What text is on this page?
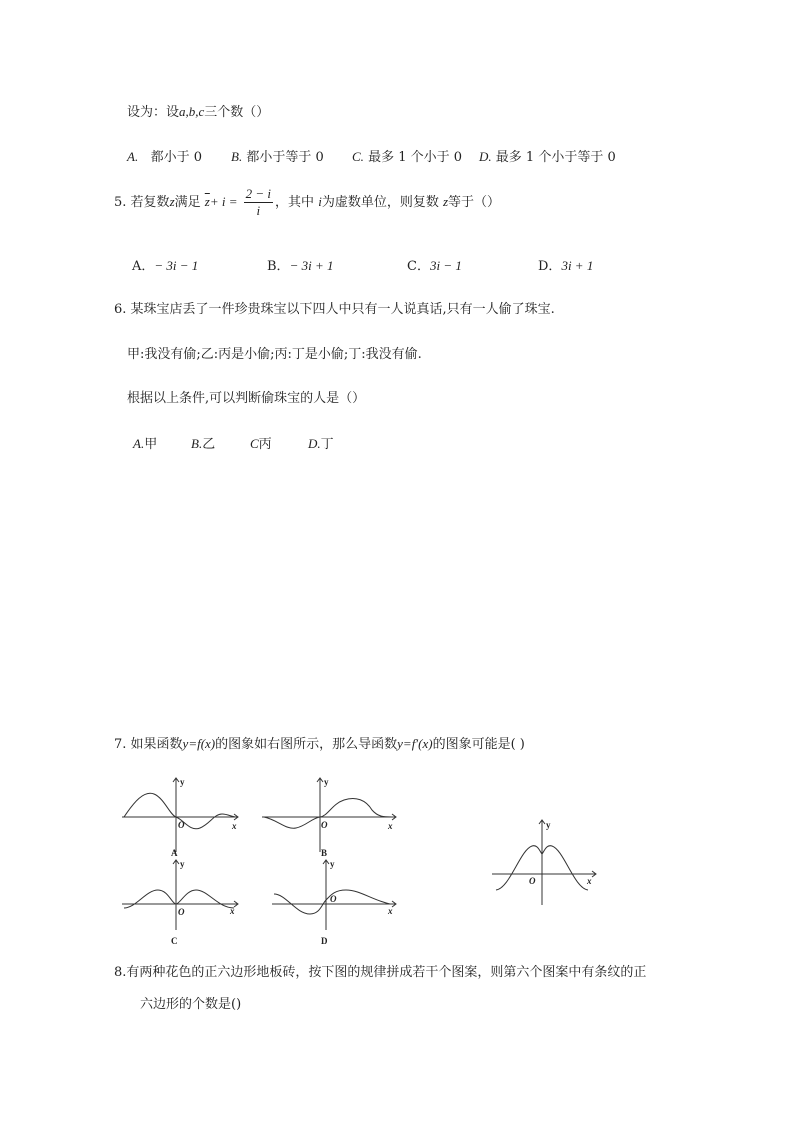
设为：设a,b,c三个数（）
A. 都小于 0 B. 都小于等于 0 C. 最多 1 个小于 0 D. 最多 1 个小于等于 0
5. 若复数z满足 $\overline{z}+ i = \frac{2 - i}{i}$ ，其中 i为虚数单位，则复数 z等于（）
A．− 3i − 1	B．− 3i + 1	C．3i − 1	D．3i + 1
6. 某珠宝店丢了一件珍贵珠宝以下四人中只有一人说真话,只有一人偷了珠宝.
甲:我没有偷;乙:丙是小偷;丙:丁是小偷;丁:我没有偷.
根据以上条件,可以判断偷珠宝的人是（）
A.甲	B.乙	C丙	D.丁
7. 如果函数y=f(x)的图象如右图所示，那么导函数y=f′(x)的图象可能是( )
y
x
O
A
y
x
O
B
y
x
O
C
y
x
O
D
y
x
O
8.有两种花色的正六边形地板砖，按下图的规律拼成若干个图案，则第六个图案中有条纹的正
六边形的个数是()
